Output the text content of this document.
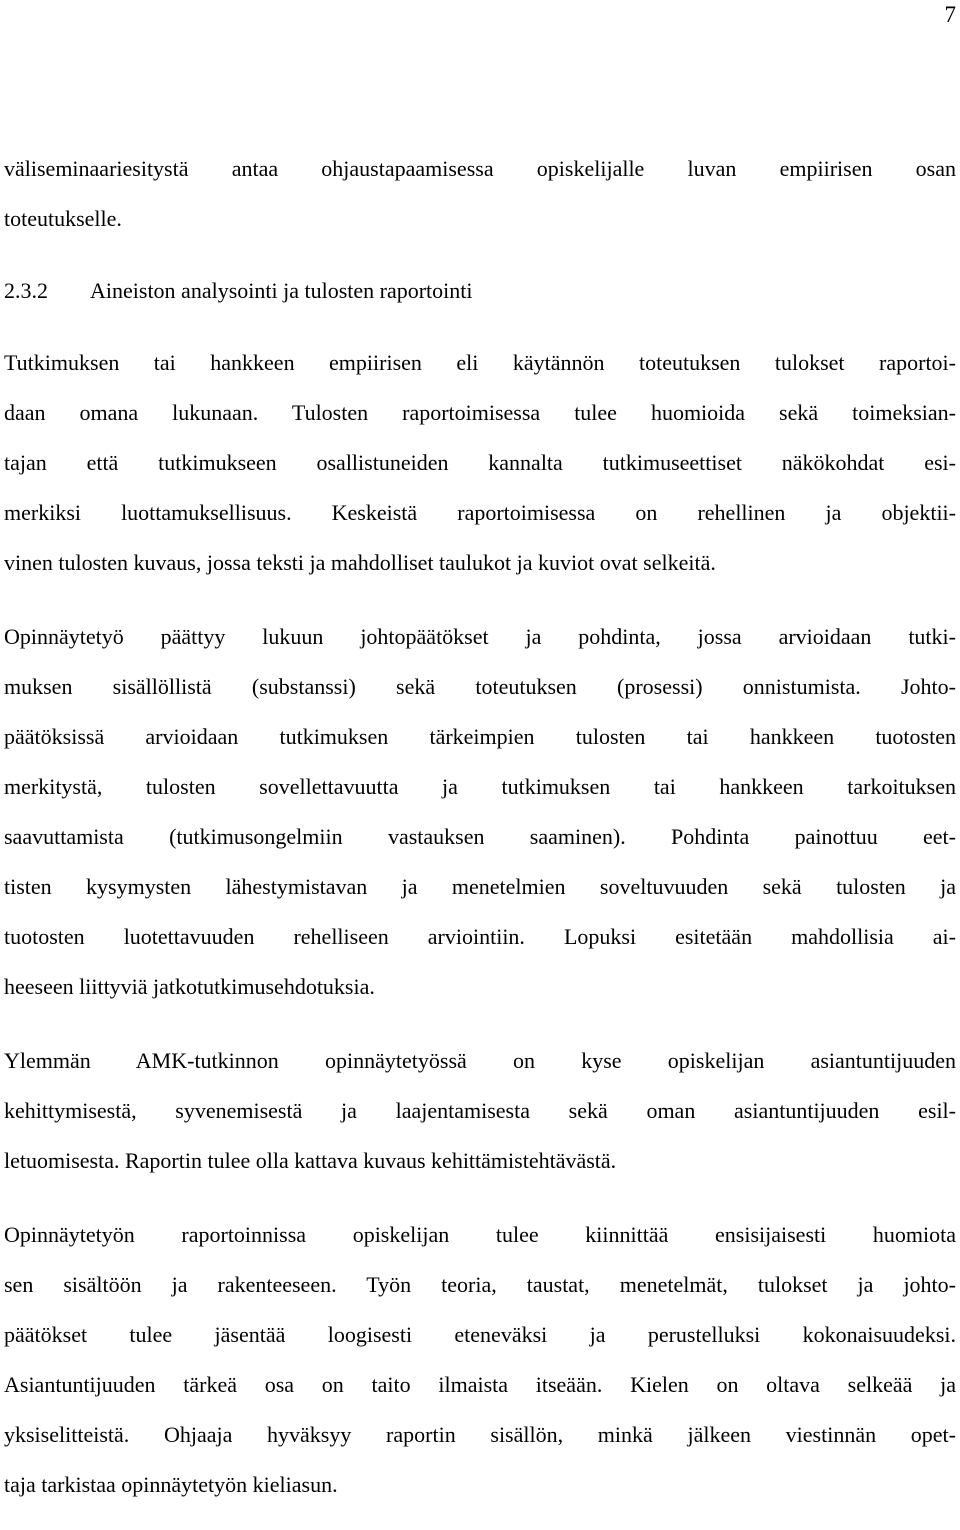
7

väliseminaariesitystä antaa ohjaustapaamisessa opiskelijalle luvan empiirisen osan
toteutukselle.

2.3.2 Aineiston analysointi ja tulosten raportointi

Tutkimuksen tai hankkeen empiirisen eli käytännön toteutuksen tulokset raportoi-
daan omana lukunaan. Tulosten raportoimisessa tulee huomioida sekä toimeksian-
tajan että tutkimukseen osallistuneiden kannalta tutkimuseettiset näkökohdat esi-
merkiksi luottamuksellisuus. Keskeistä raportoimisessa on rehellinen ja objektii-
vinen tulosten kuvaus, jossa teksti ja mahdolliset taulukot ja kuviot ovat selkeitä.

Opinnäytetyö päättyy lukuun johtopäätökset ja pohdinta, jossa arvioidaan tutki-
muksen sisällöllistä (substanssi) sekä toteutuksen (prosessi) onnistumista. Johto-
päätöksissä arvioidaan tutkimuksen tärkeimpien tulosten tai hankkeen tuotosten
merkitystä, tulosten sovellettavuutta ja tutkimuksen tai hankkeen tarkoituksen
saavuttamista (tutkimusongelmiin vastauksen saaminen). Pohdinta painottuu eet-
tisten kysymysten lähestymistavan ja menetelmien soveltuvuuden sekä tulosten ja
tuotosten luotettavuuden rehelliseen arviointiin. Lopuksi esitetään mahdollisia ai-
heeseen liittyviä jatkotutkimusehdotuksia.

Ylemmän AMK-tutkinnon opinnäytetyössä on kyse opiskelijan asiantuntijuuden
kehittymisestä, syvenemisestä ja laajentamisesta sekä oman asiantuntijuuden esil-
letuomisesta. Raportin tulee olla kattava kuvaus kehittämistehtävästä.

Opinnäytetyön raportoinnissa opiskelijan tulee kiinnittää ensisijaisesti huomiota
sen sisältöön ja rakenteeseen. Työn teoria, taustat, menetelmät, tulokset ja johto-
päätökset tulee jäsentää loogisesti eteneväksi ja perustelluksi kokonaisuudeksi.
Asiantuntijuuden tärkeä osa on taito ilmaista itseään. Kielen on oltava selkeää ja
yksiselitteistä. Ohjaaja hyväksyy raportin sisällön, minkä jälkeen viestinnän opet-
taja tarkistaa opinnäytetyön kieliasun.
